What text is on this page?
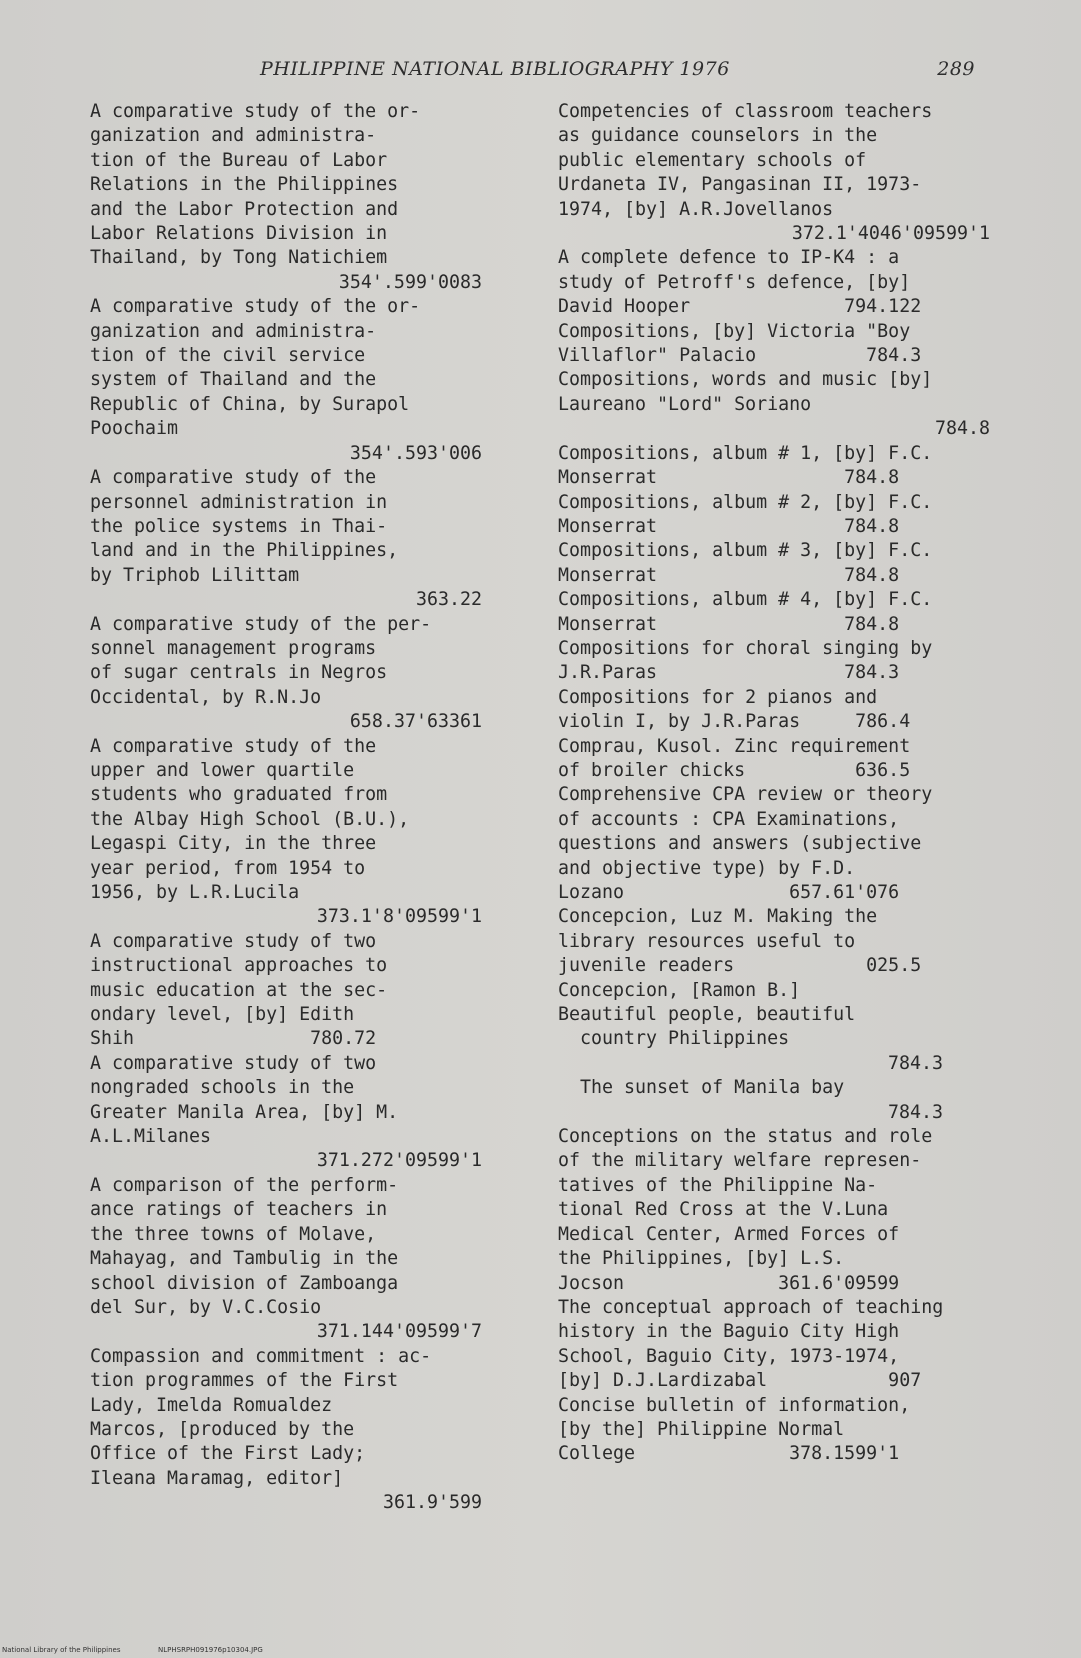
PHILIPPINE NATIONAL BIBLIOGRAPHY 1976	289
A comparative study of the or-
ganization and administra-
tion of the Bureau of Labor
Relations in the Philippines
and the Labor Protection and
Labor Relations Division in
Thailand, by Tong Natichiem
354'.599'0083
A comparative study of the or-
ganization and administra-
tion of the civil service
system of Thailand and the
Republic of China, by Surapol
Poochaim
354'.593'006
A comparative study of the
personnel administration in
the police systems in Thai-
land and in the Philippines,
by Triphob Lilittam
363.22
A comparative study of the per-
sonnel management programs
of sugar centrals in Negros
Occidental, by R.N.Jo
658.37'63361
A comparative study of the
upper and lower quartile
students who graduated from
the Albay High School (B.U.),
Legaspi City, in the three
year period, from 1954 to
1956, by L.R.Lucila
373.1'8'09599'1
A comparative study of two
instructional approaches to
music education at the sec-
ondary level, [by] Edith
Shih                780.72
A comparative study of two
nongraded schools in the
Greater Manila Area, [by] M.
A.L.Milanes
371.272'09599'1
A comparison of the perform-
ance ratings of teachers in
the three towns of Molave,
Mahayag, and Tambulig in the
school division of Zamboanga
del Sur, by V.C.Cosio
371.144'09599'7
Compassion and commitment : ac-
tion programmes of the First
Lady, Imelda Romualdez
Marcos, [produced by the
Office of the First Lady;
Ileana Maramag, editor]
361.9'599
Competencies of classroom teachers
as guidance counselors in the
public elementary schools of
Urdaneta IV, Pangasinan II, 1973-
1974, [by] A.R.Jovellanos
372.1'4046'09599'1
A complete defence to IP-K4 : a
study of Petroff's defence, [by]
David Hooper              794.122
Compositions, [by] Victoria "Boy
Villaflor" Palacio          784.3
Compositions, words and music [by]
Laureano "Lord" Soriano
784.8
Compositions, album # 1, [by] F.C.
Monserrat                 784.8
Compositions, album # 2, [by] F.C.
Monserrat                 784.8
Compositions, album # 3, [by] F.C.
Monserrat                 784.8
Compositions, album # 4, [by] F.C.
Monserrat                 784.8
Compositions for choral singing by
J.R.Paras                 784.3
Compositions for 2 pianos and
violin I, by J.R.Paras     786.4
Comprau, Kusol. Zinc requirement
of broiler chicks          636.5
Comprehensive CPA review or theory
of accounts : CPA Examinations,
questions and answers (subjective
and objective type) by F.D.
Lozano               657.61'076
Concepcion, Luz M. Making the
library resources useful to
juvenile readers            025.5
Concepcion, [Ramon B.]
Beautiful people, beautiful
country Philippines
784.3
The sunset of Manila bay
784.3
Conceptions on the status and role
of the military welfare represen-
tatives of the Philippine Na-
tional Red Cross at the V.Luna
Medical Center, Armed Forces of
the Philippines, [by] L.S.
Jocson              361.6'09599
The conceptual approach of teaching
history in the Baguio City High
School, Baguio City, 1973-1974,
[by] D.J.Lardizabal           907
Concise bulletin of information,
[by the] Philippine Normal
College              378.1599'1
National Library of the Philippines	NLPHSRPH091976p10304.JPG
